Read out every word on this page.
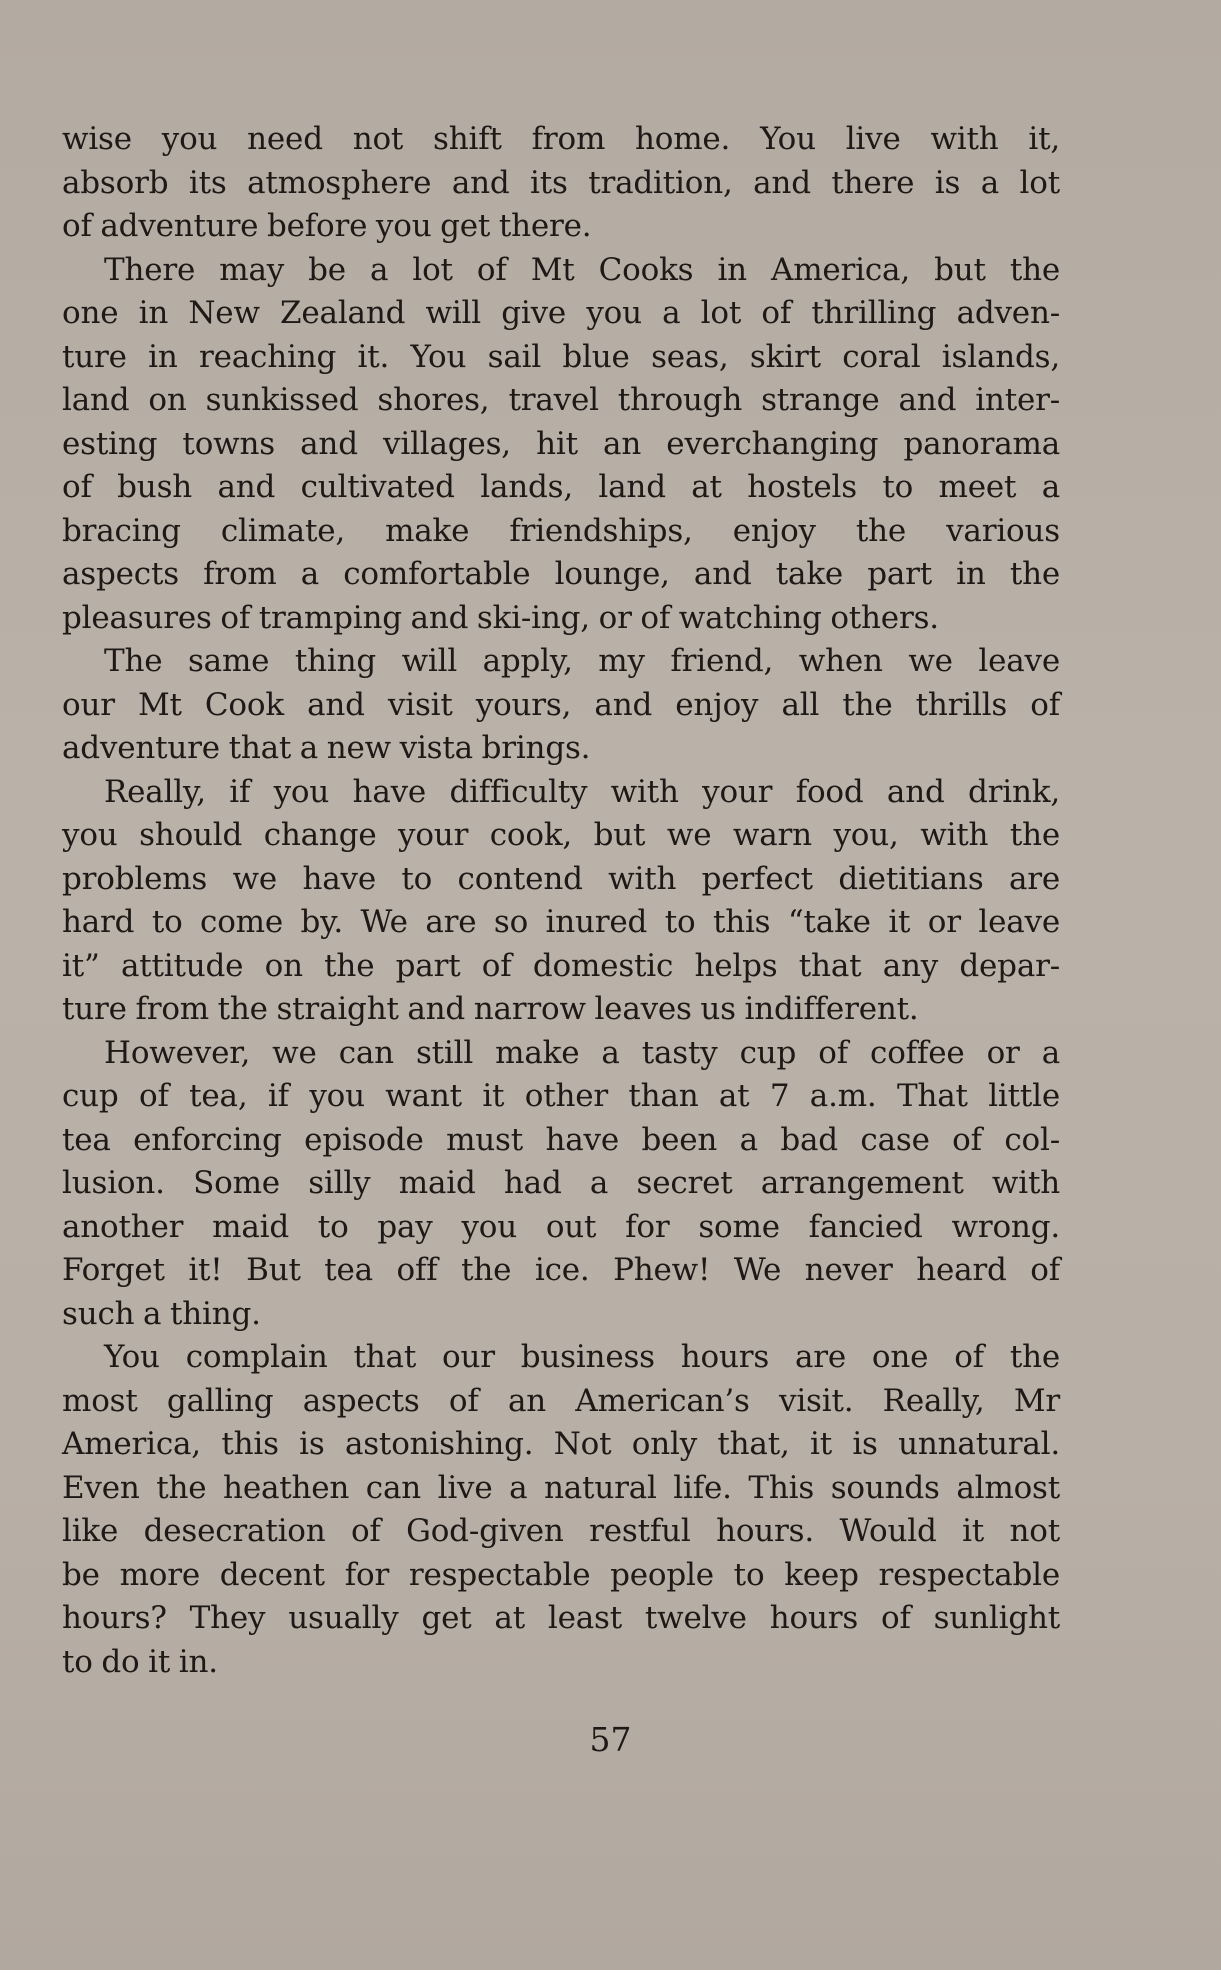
wise you need not shift from home. You live with it,
absorb its atmosphere and its tradition, and there is a lot
of adventure before you get there.
There may be a lot of Mt Cooks in America, but the
one in New Zealand will give you a lot of thrilling adven-
ture in reaching it. You sail blue seas, skirt coral islands,
land on sunkissed shores, travel through strange and inter-
esting towns and villages, hit an everchanging panorama
of bush and cultivated lands, land at hostels to meet a
bracing climate, make friendships, enjoy the various
aspects from a comfortable lounge, and take part in the
pleasures of tramping and ski-ing, or of watching others.
The same thing will apply, my friend, when we leave
our Mt Cook and visit yours, and enjoy all the thrills of
adventure that a new vista brings.
Really, if you have difficulty with your food and drink,
you should change your cook, but we warn you, with the
problems we have to contend with perfect dietitians are
hard to come by. We are so inured to this “take it or leave
it” attitude on the part of domestic helps that any depar-
ture from the straight and narrow leaves us indifferent.
However, we can still make a tasty cup of coffee or a
cup of tea, if you want it other than at 7 a.m. That little
tea enforcing episode must have been a bad case of col-
lusion. Some silly maid had a secret arrangement with
another maid to pay you out for some fancied wrong.
Forget it! But tea off the ice. Phew! We never heard of
such a thing.
You complain that our business hours are one of the
most galling aspects of an American’s visit. Really, Mr
America, this is astonishing. Not only that, it is unnatural.
Even the heathen can live a natural life. This sounds almost
like desecration of God-given restful hours. Would it not
be more decent for respectable people to keep respectable
hours? They usually get at least twelve hours of sunlight
to do it in.
57
